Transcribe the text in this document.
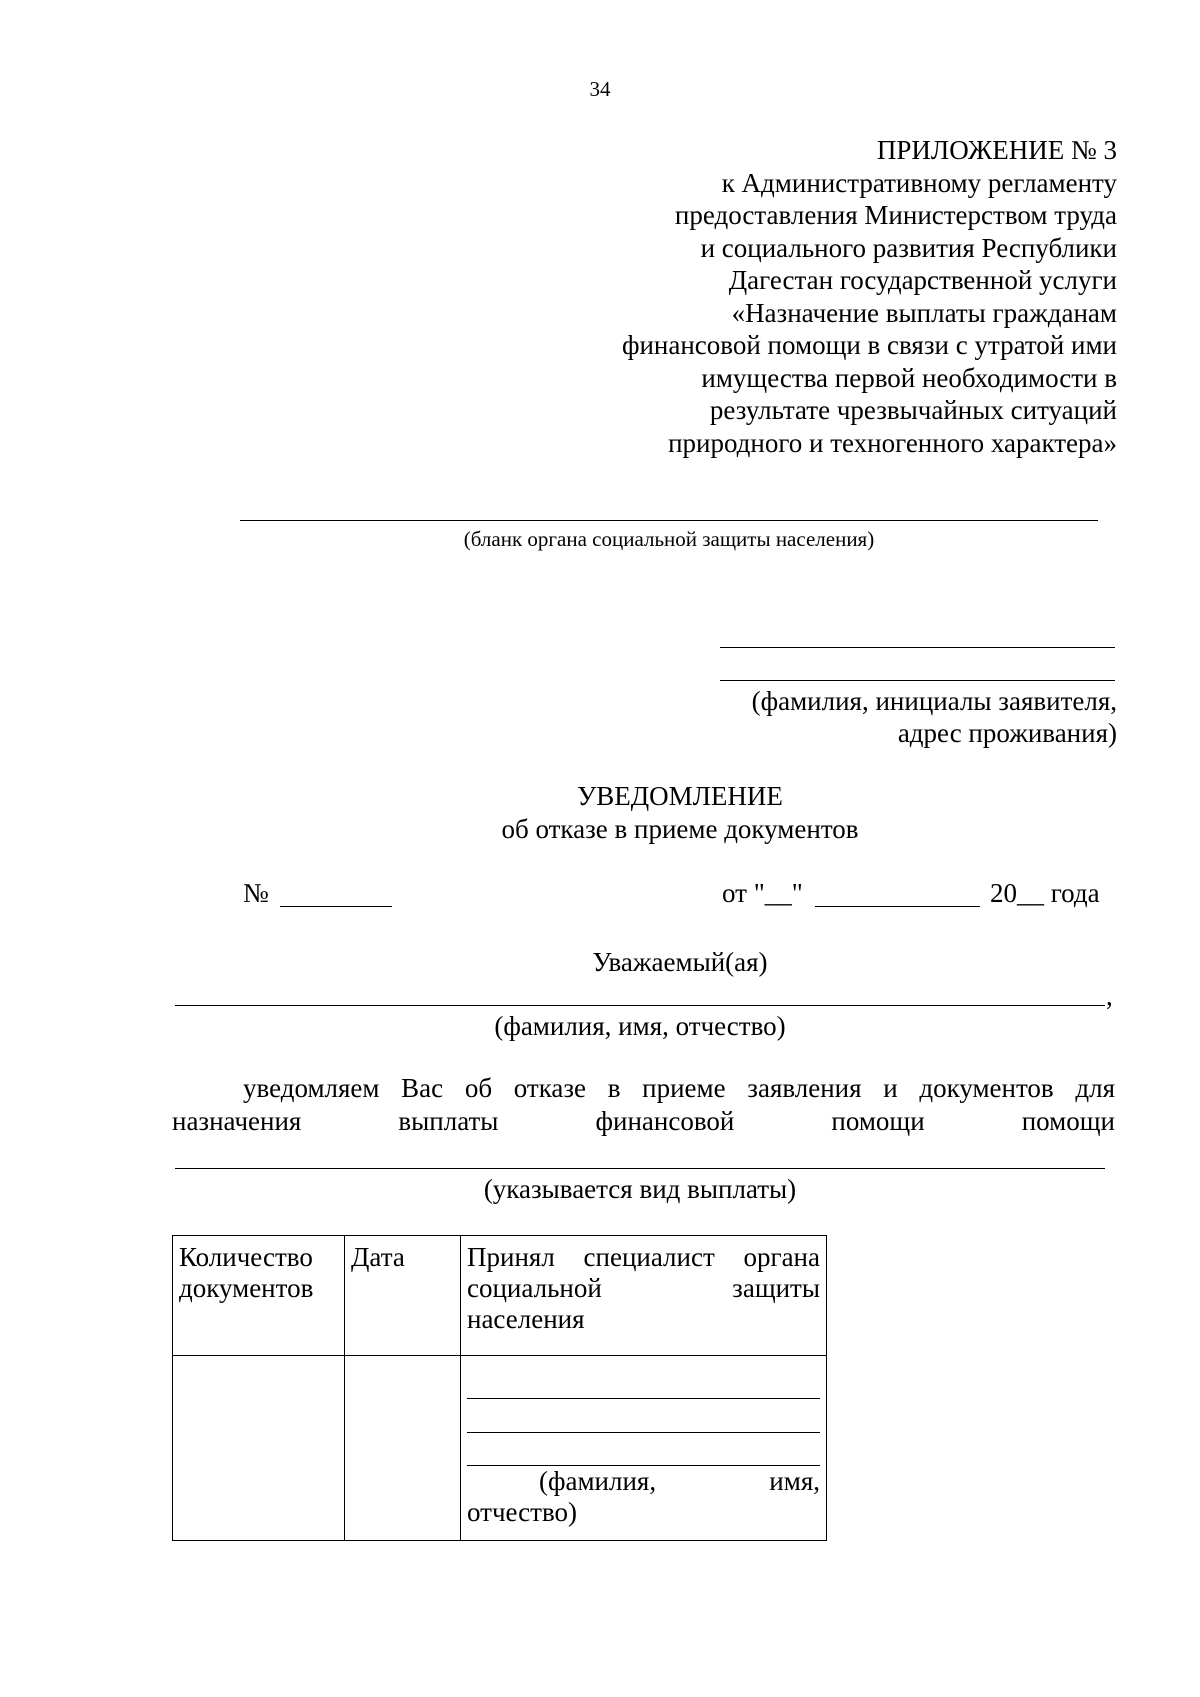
34
ПРИЛОЖЕНИЕ № 3
к Административному регламенту
предоставления Министерством труда
и социального развития Республики
Дагестан государственной услуги
«Назначение выплаты гражданам
финансовой помощи в связи с утратой ими
имущества первой необходимости в
результате чрезвычайных ситуаций
природного и техногенного характера»
(бланк органа социальной защиты населения)
(фамилия, инициалы заявителя,
адрес проживания)
УВЕДОМЛЕНИЕ
об отказе в приеме документов
№	от "__"	20__ года
Уважаемый(ая)
,
(фамилия, имя, отчество)
уведомляем Вас об отказе в приеме заявления и документов для
назначения выплаты финансовой помощи помощи
(указывается вид выплаты)
Количество документов	Дата	Принял специалист органа социальной защиты населения

		(фамилия, имя,
отчество)
